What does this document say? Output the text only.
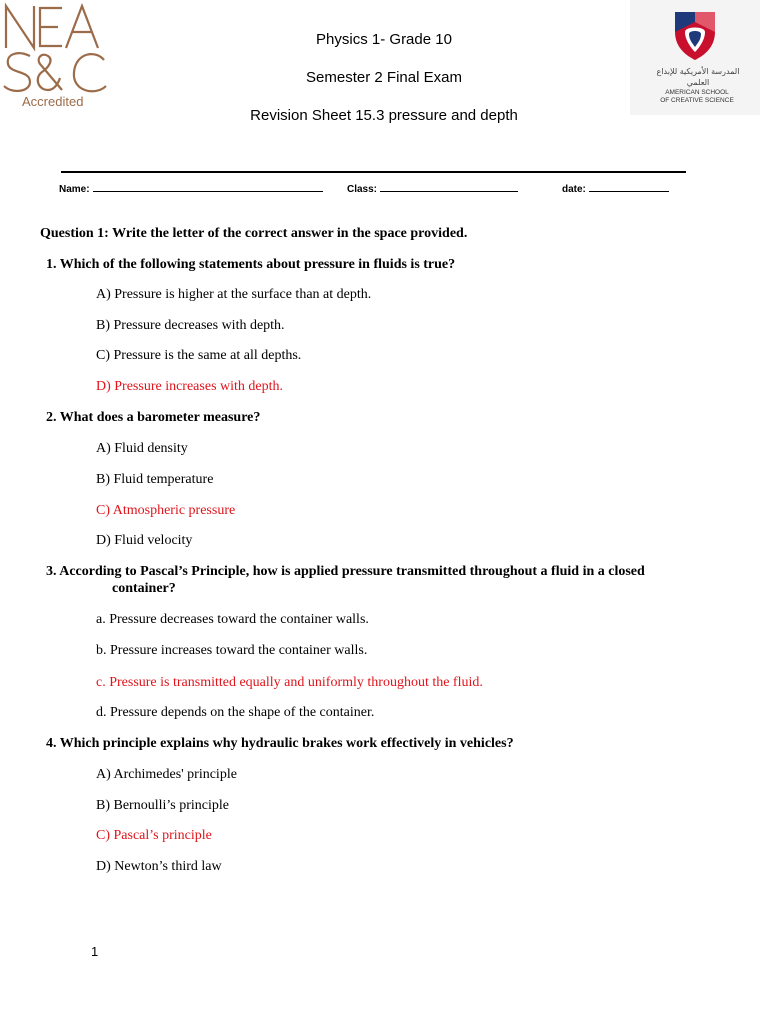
Accredited
المدرسة الأمريكية للإبداع العلمي
AMERICAN SCHOOL
OF CREATIVE SCIENCE
Physics 1- Grade 10
Semester 2 Final Exam
Revision Sheet 15.3 pressure and depth
Name:	Class:	date:
Question 1: Write the letter of the correct answer in the space provided.
1. Which of the following statements about pressure in fluids is true?
A) Pressure is higher at the surface than at depth.
B) Pressure decreases with depth.
C) Pressure is the same at all depths.
D) Pressure increases with depth.
2. What does a barometer measure?
A) Fluid density
B) Fluid temperature
C) Atmospheric pressure
D) Fluid velocity
3. According to Pascal’s Principle, how is applied pressure transmitted throughout a fluid in a closed
container?
a. Pressure decreases toward the container walls.
b. Pressure increases toward the container walls.
c. Pressure is transmitted equally and uniformly throughout the fluid.
d. Pressure depends on the shape of the container.
4. Which principle explains why hydraulic brakes work effectively in vehicles?
A) Archimedes' principle
B) Bernoulli’s principle
C) Pascal’s principle
D) Newton’s third law
1
